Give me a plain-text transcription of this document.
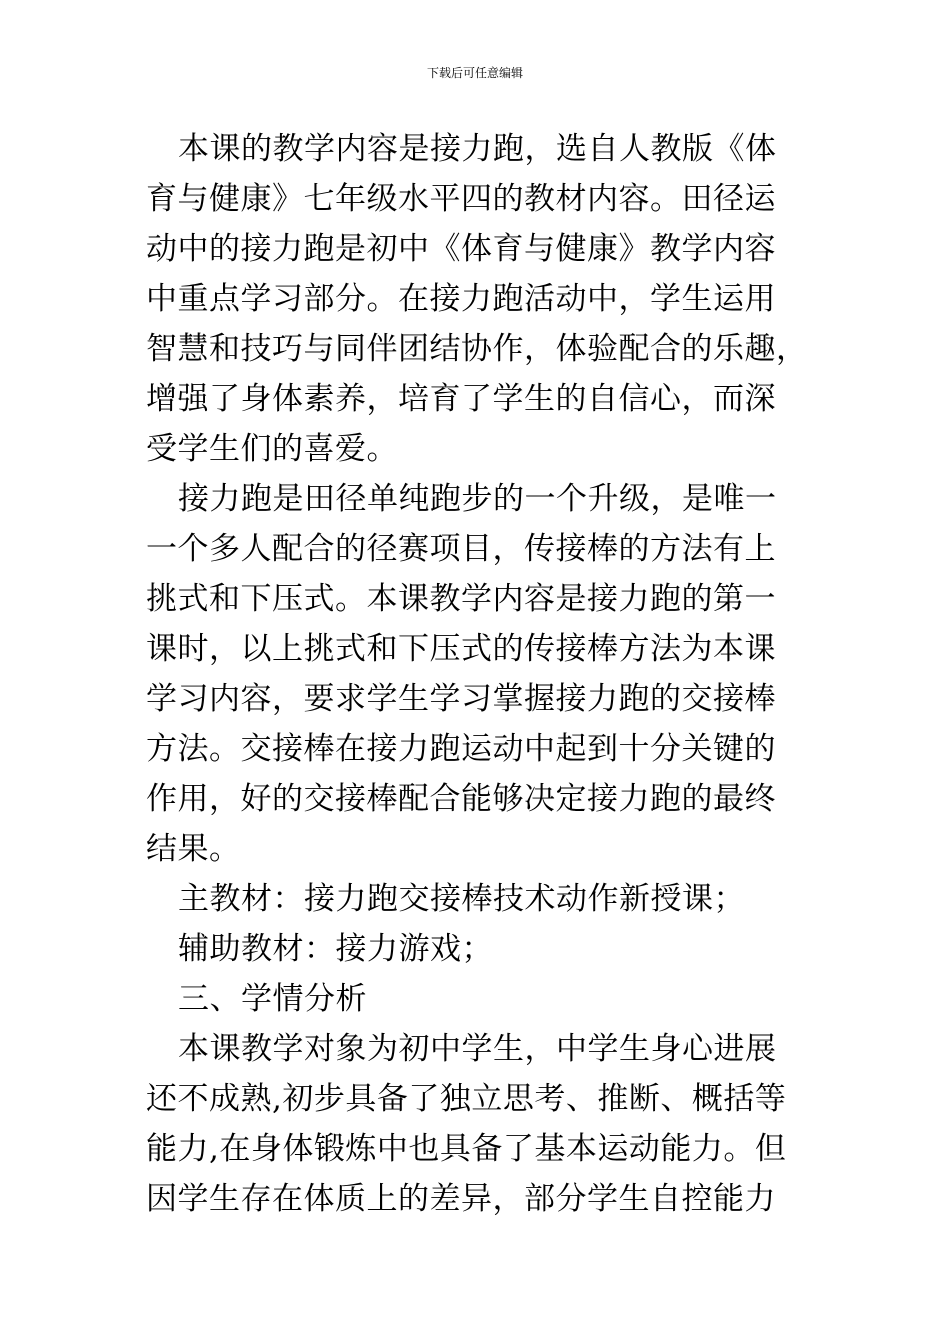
下载后可任意编辑
本课的教学内容是接力跑，选自人教版《体
育与健康》七年级水平四的教材内容。田径运
动中的接力跑是初中《体育与健康》教学内容
中重点学习部分。在接力跑活动中，学生运用
智慧和技巧与同伴团结协作，体验配合的乐趣，
增强了身体素养，培育了学生的自信心，而深
受学生们的喜爱。
接力跑是田径单纯跑步的一个升级，是唯一
一个多人配合的径赛项目，传接棒的方法有上
挑式和下压式。本课教学内容是接力跑的第一
课时，以上挑式和下压式的传接棒方法为本课
学习内容，要求学生学习掌握接力跑的交接棒
方法。交接棒在接力跑运动中起到十分关键的
作用，好的交接棒配合能够决定接力跑的最终
结果。
主教材：接力跑交接棒技术动作新授课；
辅助教材：接力游戏；
三、学情分析
本课教学对象为初中学生，中学生身心进展
还不成熟,初步具备了独立思考、推断、概括等
能力,在身体锻炼中也具备了基本运动能力。但
因学生存在体质上的差异，部分学生自控能力
